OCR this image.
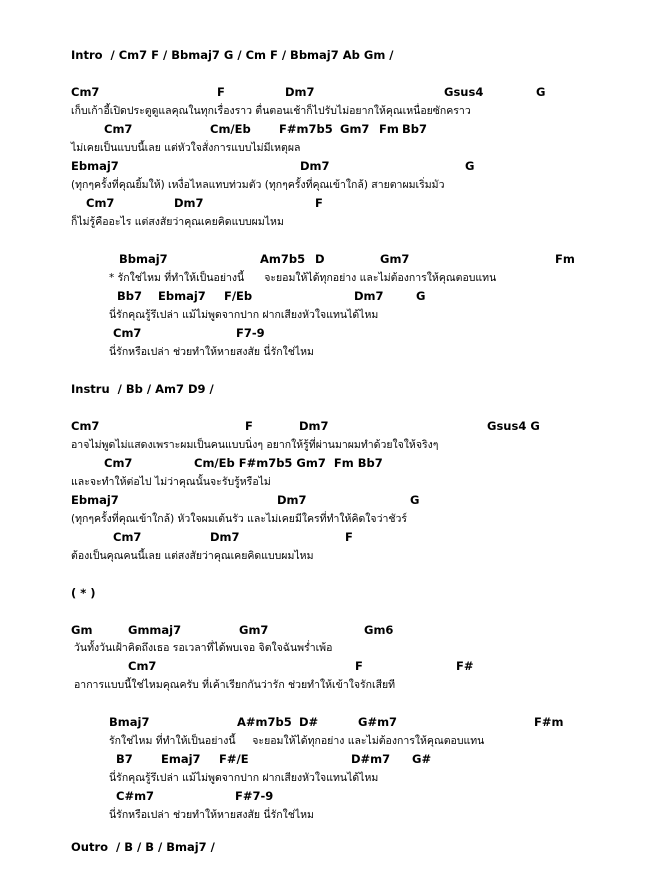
Intro  / Cm7 F / Bbmaj7 G / Cm F / Bbmaj7 Ab Gm /

Cm7

	F

	Dm7

	Gsus4

	G

เก็บเก้าอี้เปิดประตูดูแลคุณในทุกเรื่องราว ตื่นตอนเช้าก็ไปรับไม่อยากให้คุณเหนื่อยซักคราว

Cm7

	Cm/Eb

F#m7b5

Gm7

Fm

Bb7

ไม่เคยเป็นแบบนี้เลย แต่หัวใจสั่งการแบบไม่มีเหตุผล

Ebmaj7

	Dm7

	G

(ทุกๆครั้งที่คุณยิ้มให้) เหงื่อไหลแทบท่วมตัว (ทุกๆครั้งที่คุณเข้าใกล้) สายตาผมเริ่มมัว

Cm7

	Dm7

	F

ก็ไม่รู้คืออะไร แต่สงสัยว่าคุณเคยคิดแบบผมไหม

Bbmaj7

	Am7b5

D

	Gm7

	Fm

* รักใช่ไหม ที่ทำให้เป็นอย่างนี้      จะยอมให้ได้ทุกอย่าง และไม่ต้องการให้คุณตอบแทน

Bb7

Ebmaj7

F/Eb

	Dm7

	G

นี่รักคุณรู้รึเปล่า แม้ไม่พูดจากปาก ฝากเสียงหัวใจแทนได้ไหม

Cm7

	F7-9

นี่รักหรือเปล่า ช่วยทำให้หายสงสัย นี่รักใช่ไหม

Instru  / Bb / Am7 D9 /

Cm7

	F

	Dm7

	Gsus4 G

อาจไม่พูดไม่แสดงเพราะผมเป็นคนแบบนิ่งๆ อยากให้รู้ที่ผ่านมาผมทำด้วยใจให้จริงๆ

Cm7

	Cm/Eb F#m7b5 Gm7  Fm Bb7

และจะทำให้ต่อไป ไม่ว่าคุณนั้นจะรับรู้หรือไม่

Ebmaj7

	Dm7

	G

(ทุกๆครั้งที่คุณเข้าใกล้) หัวใจผมเต้นรัว และไม่เคยมีใครที่ทำให้คิดใจว่าชัวร์

Cm7

	Dm7

	F

ต้องเป็นคุณคนนี้เลย แต่สงสัยว่าคุณเคยคิดแบบผมไหม

( * )

Gm

	Gmmaj7

	Gm7

	Gm6

วันทั้งวันเฝ้าคิดถึงเธอ รอเวลาที่ได้พบเจอ จิตใจฉันพร่ำเพ้อ

Cm7

	F

	F#

อาการแบบนี้ใช่ไหมคุณครับ ที่เค้าเรียกกันว่ารัก ช่วยทำให้เข้าใจรักเสียที

Bmaj7

	A#m7b5

D#

	G#m7

	F#m

รักใช่ไหม ที่ทำให้เป็นอย่างนี้     จะยอมให้ได้ทุกอย่าง และไม่ต้องการให้คุณตอบแทน

B7

Emaj7

F#/E

	D#m7

G#

นี่รักคุณรู้รึเปล่า แม้ไม่พูดจากปาก ฝากเสียงหัวใจแทนได้ไหม

C#m7

	F#7-9

นี่รักหรือเปล่า ช่วยทำให้หายสงสัย นี่รักใช่ไหม

Outro  / B / B / Bmaj7 /
